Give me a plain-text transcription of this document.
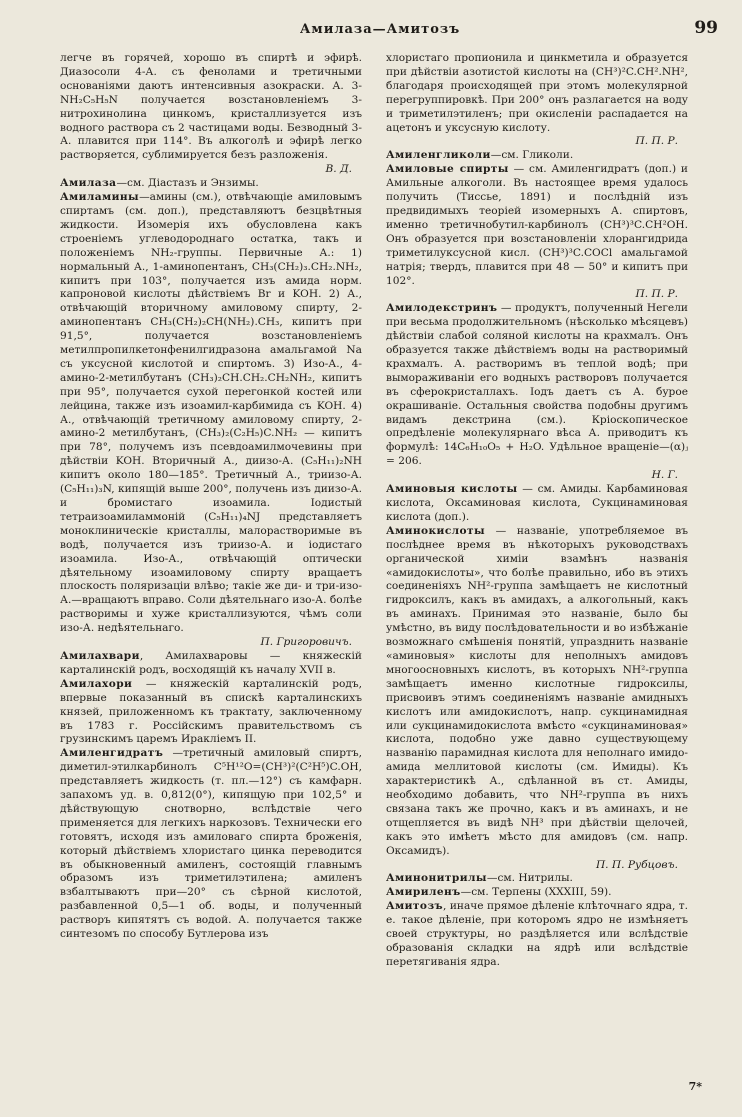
Амилаза—Амитозъ	99

легче въ горячей, хорошо въ спиртѣ и эфирѣ. Диазосоли 4-А. съ фенолами и третичными основаніями даютъ интенсивныя азокраски. А. 3-NH₂C₅H₅N получается возстановленіемъ 3-нитрохинолина цинкомъ, кристаллизуется изъ водного раствора съ 2 частицами воды. Безводный 3-А. плавится при 114°. Въ алкоголѣ и эфирѣ легко растворяется, сублимируется безъ разложенія.
В. Д.

Амилаза—см. Діастазъ и Энзимы.

Амиламины—амины (см.), отвѣчающіе амиловымъ спиртамъ (см. доп.), представляютъ безцвѣтныя жидкости. Изомерія ихъ обусловлена какъ строеніемъ углеводороднаго остатка, такъ и положеніемъ NH₂-группы. Первичные А.: 1) нормальный А., 1-аминопентанъ, CH₃(CH₂)₃.CH₂.NH₂, кипитъ при 103°, получается изъ амида норм. капроновой кислоты дѣйствіемъ Br и KOH. 2) А., отвѣчающій вторичному амиловому спирту, 2-аминопентанъ CH₃(CH₂)₂CH(NH₂).CH₃, кипитъ при 91,5°, получается возстановленіемъ метилпропилкетонфенилгидразона амальгамой Na съ уксусной кислотой и спиртомъ. 3) Изо-А., 4-амино-2-метилбутанъ (CH₃)₂CH.CH₂.CH₂NH₂, кипитъ при 95°, получается сухой перегонкой костей или лейцина, также изъ изоамил-карбимида съ KOH. 4) А., отвѣчающій третичному амиловому спирту, 2-амино-2 метилбутанъ, (CH₃)₂(C₂H₅)C.NH₂ — кипитъ при 78°, получемъ изъ псевдоамилмочевины при дѣйствіи KOH. Вторичный А., диизо-А. (C₅H₁₁)₂NH кипитъ около 180—185°. Третичный А., триизо-А. (C₅H₁₁)₃N, кипящій выше 200°, получень изъ диизо-А. и бромистаго изоамила. Іодистый тетраизоамиламмоній (C₅H₁₁)₄NJ представляетъ моноклиническіе кристаллы, малорастворимые въ водѣ, получается изъ триизо-А. и іодистаго изоамила. Изо-А., отвѣчающій оптически дѣятельному изоамиловому спирту вращаетъ плоскость поляризаціи влѣво; такіе же ди- и три-изо-А.—вращаютъ вправо. Соли дѣятельнаго изо-А. болѣе растворимы и хуже кристаллизуются, чѣмъ соли изо-А. недѣятельнаго.
П. Григоровичъ.

Амилахвари, Амилахваровы — княжескій карталинскій родъ, восходящій къ началу XVII в.

Амилахори — княжескій карталинскій родъ, впервые показанный въ спискѣ карталинскихъ князей, приложенномъ къ трактату, заключенному въ 1783 г. Россійскимъ правительствомъ съ грузинскимъ царемъ Иракліемъ II.

Амиленгидратъ —третичный амиловый спиртъ, диметил-этилкарбинолъ C⁵H¹²O=(CH³)²(C²H⁵)C.OH, представляетъ жидкость (т. пл.—12°) съ камфарн. запахомъ уд. в. 0,812(0°), кипящую при 102,5° и дѣйствующую снотворно, вслѣдствіе чего применяется для легкихъ наркозовъ. Технически его готовятъ, исходя изъ амиловаго спирта броженія, который дѣйствіемъ хлористаго цинка переводится въ обыкновенный амиленъ, состоящій главнымъ образомъ изъ триметилэтилена; амиленъ взбалтываютъ при—20° съ сѣрной кислотой, разбавленной 0,5—1 об. воды, и полученный растворъ кипятятъ съ водой. А. получается также синтезомъ по способу Бутлерова изъ

хлористаго пропионила и цинкметила и образуется при дѣйствіи азотистой кислоты на (CH³)²C.CH².NH², благодаря происходящей при этомъ молекулярной перегруппировкѣ. При 200° онъ разлагается на воду и триметилэтиленъ; при окисленіи распадается на ацетонъ и уксусную кислоту.
П. П. Р.

Амиленгликоли—см. Гликоли.

Амиловые спирты — см. Амиленгидратъ (доп.) и Амильные алкоголи. Въ настоящее время удалось получить (Тиссье, 1891) и послѣдній изъ предвидимыхъ теоріей изомерныхъ А. спиртовъ, именно третичнобутил-карбинолъ (CH³)³C.CH²OH. Онъ образуется при возстановленіи хлорангидрида триметилуксусной кисл. (CH³)³C.COCl амальгамой натрія; твердъ, плавится при 48 — 50° и кипитъ при 102°.
П. П. Р.

Амилодекстринъ — продуктъ, полученный Негели при весьма продолжительномъ (нѣсколько мѣсяцевъ) дѣйствіи слабой соляной кислоты на крахмалъ. Онъ образуется также дѣйствіемъ воды на растворимый крахмалъ. А. растворимъ въ теплой водѣ; при вымораживаніи его водныхъ растворовъ получается въ сферокристаллахъ. Іодъ даетъ съ А. бурое окрашиваніе. Остальныя свойства подобны другимъ видамъ декстрина (см.). Кріоскопическое опредѣленіе молекулярнаго вѣса А. приводитъ къ формулѣ: 14C₆H₁₀O₅ + H₂O. Удѣльное вращеніе—(α)ⱼ = 206.
Н. Г.

Аминовыя кислоты — см. Амиды. Карбаминовая кислота, Оксаминовая кислота, Сукцинаминовая кислота (доп.).

Аминокислоты — названіе, употребляемое въ послѣднее время въ нѣкоторыхъ руководствахъ органической химіи взамѣнъ названія «амидокислоты», что болѣе правильно, ибо въ этихъ соединеніяхъ NH²-группа замѣщаетъ не кислотный гидроксилъ, какъ въ амидахъ, а алкогольный, какъ въ аминахъ. Принимая это названіе, было бы умѣстно, въ виду послѣдовательности и во избѣжаніе возможнаго смѣшенія понятій, упразднить названіе «аминовыя» кислоты для неполныхъ амидовъ многоосновныхъ кислотъ, въ которыхъ NH²-группа замѣщаетъ именно кислотные гидроксилы, присвоивъ этимъ соединеніямъ названіе амидныхъ кислотъ или амидокислотъ, напр. сукцинамидная или сукцинамидокислота вмѣсто «сукцинаминовая» кислота, подобно уже давно существующему названію парамидная кислота для неполнаго имидо-амида меллитовой кислоты (см. Имиды). Къ характеристикѣ А., сдѣланной въ ст. Амиды, необходимо добавить, что NH²-группа въ нихъ связана такъ же прочно, какъ и въ аминахъ, и не отщепляется въ видѣ NH³ при дѣйствіи щелочей, какъ это имѣетъ мѣсто для амидовъ (см. напр. Оксамидъ).
П. П. Рубцовъ.

Аминонитрилы—см. Нитрилы.

Амириленъ—см. Терпены (XXXIII, 59).

Амитозъ, иначе прямое дѣленіе клѣточнаго ядра, т. е. такое дѣленіе, при которомъ ядро не измѣняетъ своей структуры, но раздѣляется или вслѣдствіе образованія складки на ядрѣ или вслѣдствіе перетягиванія ядра.

7*
